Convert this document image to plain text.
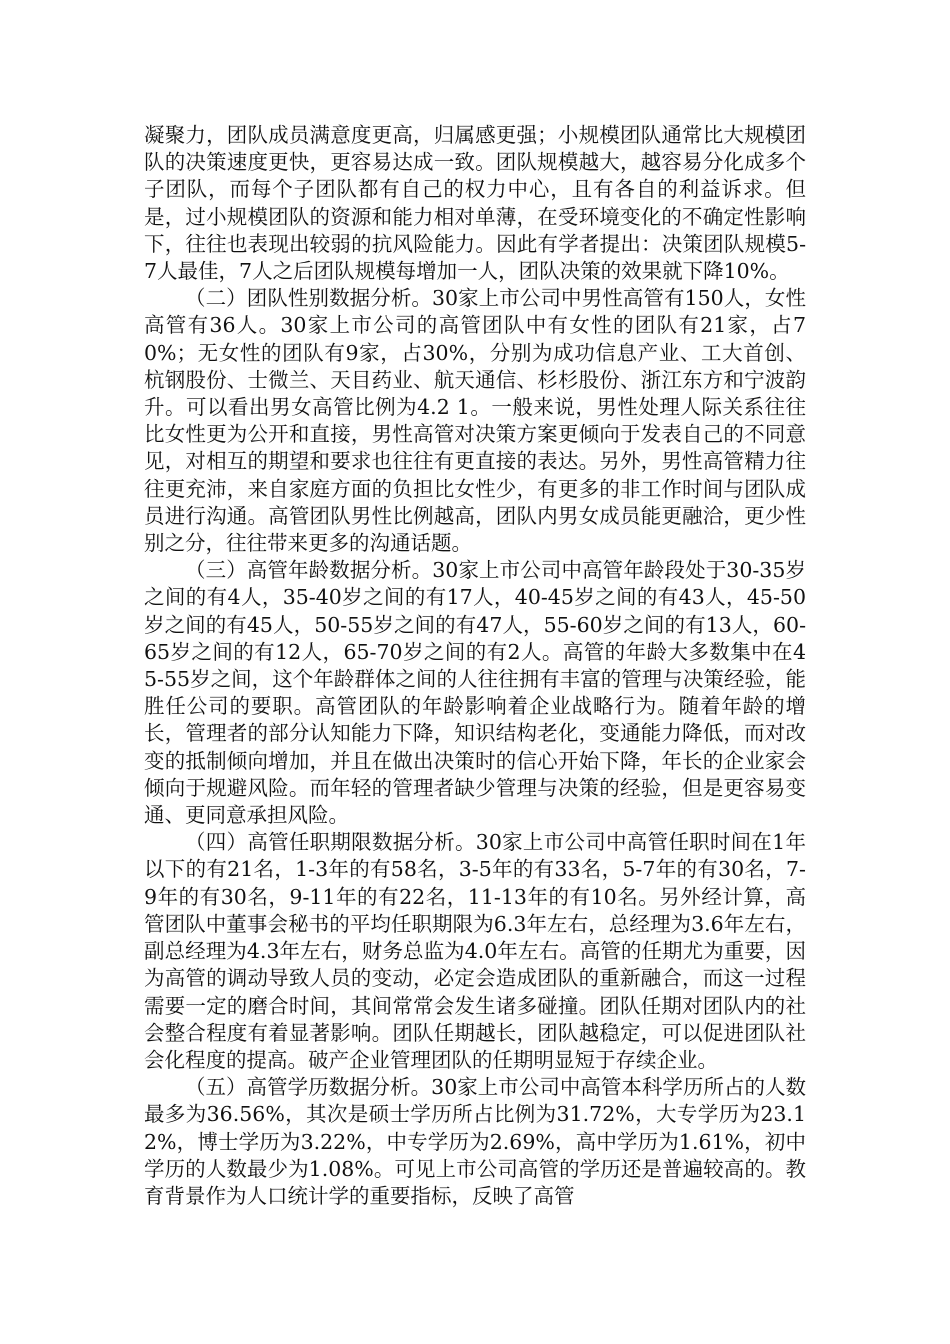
凝聚力，团队成员满意度更高，归属感更强；小规模团队通常比大规模团队的决策速度更快，更容易达成一致。团队规模越大，越容易分化成多个子团队，而每个子团队都有自己的权力中心，且有各自的利益诉求。但是，过小规模团队的资源和能力相对单薄，在受环境变化的不确定性影响下，往往也表现出较弱的抗风险能力。因此有学者提出：决策团队规模5-7人最佳，7人之后团队规模每增加一人，团队决策的效果就下降10%。

（二）团队性别数据分析。30家上市公司中男性高管有150人，女性高管有36人。30家上市公司的高管团队中有女性的团队有21家，占70%；无女性的团队有9家，占30%，分别为成功信息产业、工大首创、杭钢股份、士微兰、天目药业、航天通信、杉杉股份、浙江东方和宁波韵升。可以看出男女高管比例为4.2 1。一般来说，男性处理人际关系往往比女性更为公开和直接，男性高管对决策方案更倾向于发表自己的不同意见，对相互的期望和要求也往往有更直接的表达。另外，男性高管精力往往更充沛，来自家庭方面的负担比女性少，有更多的非工作时间与团队成员进行沟通。高管团队男性比例越高，团队内男女成员能更融洽，更少性别之分，往往带来更多的沟通话题。

（三）高管年龄数据分析。30家上市公司中高管年龄段处于30-35岁之间的有4人，35-40岁之间的有17人，40-45岁之间的有43人，45-50岁之间的有45人，50-55岁之间的有47人，55-60岁之间的有13人，60-65岁之间的有12人，65-70岁之间的有2人。高管的年龄大多数集中在45-55岁之间，这个年龄群体之间的人往往拥有丰富的管理与决策经验，能胜任公司的要职。高管团队的年龄影响着企业战略行为。随着年龄的增长，管理者的部分认知能力下降，知识结构老化，变通能力降低，而对改变的抵制倾向增加，并且在做出决策时的信心开始下降，年长的企业家会倾向于规避风险。而年轻的管理者缺少管理与决策的经验，但是更容易变通、更同意承担风险。

（四）高管任职期限数据分析。30家上市公司中高管任职时间在1年以下的有21名，1-3年的有58名，3-5年的有33名，5-7年的有30名，7-9年的有30名，9-11年的有22名，11-13年的有10名。另外经计算，高管团队中董事会秘书的平均任职期限为6.3年左右，总经理为3.6年左右，副总经理为4.3年左右，财务总监为4.0年左右。高管的任期尤为重要，因为高管的调动导致人员的变动，必定会造成团队的重新融合，而这一过程需要一定的磨合时间，其间常常会发生诸多碰撞。团队任期对团队内的社会整合程度有着显著影响。团队任期越长，团队越稳定，可以促进团队社会化程度的提高。破产企业管理团队的任期明显短于存续企业。

（五）高管学历数据分析。30家上市公司中高管本科学历所占的人数最多为36.56%，其次是硕士学历所占比例为31.72%，大专学历为23.12%，博士学历为3.22%，中专学历为2.69%，高中学历为1.61%，初中学历的人数最少为1.08%。可见上市公司高管的学历还是普遍较高的。教育背景作为人口统计学的重要指标，反映了高管
